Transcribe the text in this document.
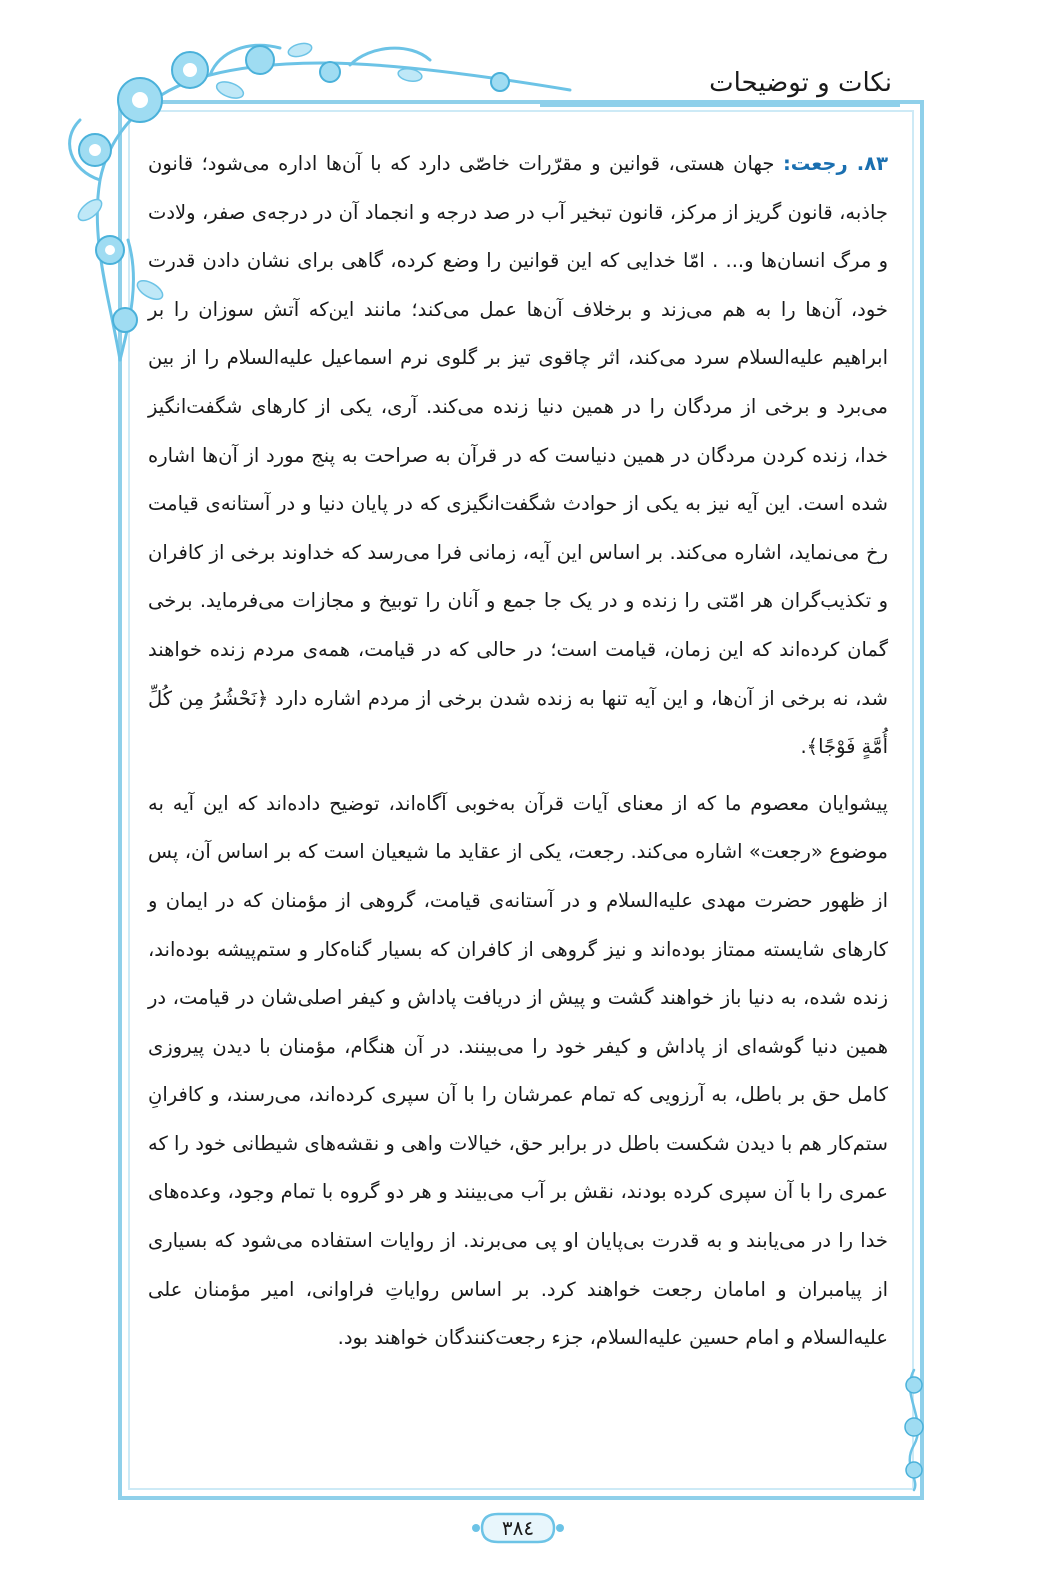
نکات و توضیحات

۸۳. رجعت: جهان هستی، قوانین و مقرّرات خاصّی دارد که با آن‌ها اداره می‌شود؛ قانون جاذبه، قانون گریز از مرکز، قانون تبخیر آب در صد درجه و انجماد آن در درجه‌ی صفر، ولادت و مرگ انسان‌ها و... . امّا خدایی که این قوانین را وضع کرده، گاهی برای نشان دادن قدرت خود، آن‌ها را به هم می‌زند و برخلاف آن‌ها عمل می‌کند؛ مانند این‌که آتش سوزان را بر ابراهیم علیه‌السلام سرد می‌کند، اثر چاقوی تیز بر گلوی نرم اسماعیل علیه‌السلام را از بین می‌برد و برخی از مردگان را در همین دنیا زنده می‌کند. آری، یکی از کارهای شگفت‌انگیز خدا، زنده کردن مردگان در همین دنیاست که در قرآن به صراحت به پنج مورد از آن‌ها اشاره شده است. این آیه نیز به یکی از حوادث شگفت‌انگیزی که در پایان دنیا و در آستانه‌ی قیامت رخ می‌نماید، اشاره می‌کند. بر اساس این آیه، زمانی فرا می‌رسد که خداوند برخی از کافران و تکذیب‌گران هر امّتی را زنده و در یک جا جمع و آنان را توبیخ و مجازات می‌فرماید. برخی گمان کرده‌اند که این زمان، قیامت است؛ در حالی که در قیامت، همه‌ی مردم زنده خواهند شد، نه برخی از آن‌ها، و این آیه تنها به زنده شدن برخی از مردم اشاره دارد ﴿نَحْشُرُ مِن كُلِّ أُمَّةٍ فَوْجًا﴾.

پیشوایان معصوم ما که از معنای آیات قرآن به‌خوبی آگاه‌اند، توضیح داده‌اند که این آیه به موضوع «رجعت» اشاره می‌کند. رجعت، یکی از عقاید ما شیعیان است که بر اساس آن، پس از ظهور حضرت مهدی علیه‌السلام و در آستانه‌ی قیامت، گروهی از مؤمنان که در ایمان و کارهای شایسته ممتاز بوده‌اند و نیز گروهی از کافران که بسیار گناه‌کار و ستم‌پیشه بوده‌اند، زنده شده، به دنیا باز خواهند گشت و پیش از دریافت پاداش و کیفر اصلی‌شان در قیامت، در همین دنیا گوشه‌ای از پاداش و کیفر خود را می‌بینند. در آن هنگام، مؤمنان با دیدن پیروزی کامل حق بر باطل، به آرزویی که تمام عمرشان را با آن سپری کرده‌اند، می‌رسند، و کافرانِ ستم‌کار هم با دیدن شکست باطل در برابر حق، خیالات واهی و نقشه‌های شیطانی خود را که عمری را با آن سپری کرده بودند، نقش بر آب می‌بینند و هر دو گروه با تمام وجود، وعده‌های خدا را در می‌یابند و به قدرت بی‌پایان او پی می‌برند. از روایات استفاده می‌شود که بسیاری از پیامبران و امامان رجعت خواهند کرد. بر اساس روایاتِ فراوانی، امیر مؤمنان علی علیه‌السلام و امام حسین علیه‌السلام، جزء رجعت‌کنندگان خواهند بود.

۳۸٤
